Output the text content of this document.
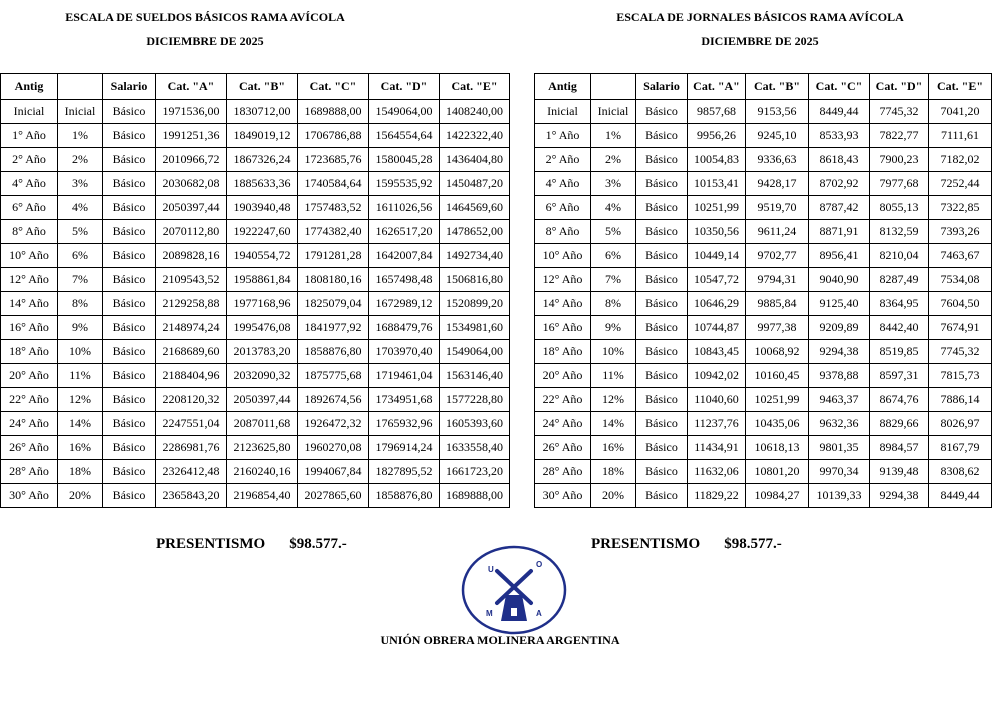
ESCALA DE SUELDOS BÁSICOS RAMA AVÍCOLA
DICIEMBRE DE 2025
ESCALA DE JORNALES BÁSICOS RAMA AVÍCOLA
DICIEMBRE DE 2025
Antig		Salario	Cat. "A"	Cat. "B"	Cat. "C"	Cat. "D"	Cat. "E"
Inicial	Inicial	Básico	1971536,00	1830712,00	1689888,00	1549064,00	1408240,00
1° Año	1%	Básico	1991251,36	1849019,12	1706786,88	1564554,64	1422322,40
2° Año	2%	Básico	2010966,72	1867326,24	1723685,76	1580045,28	1436404,80
4° Año	3%	Básico	2030682,08	1885633,36	1740584,64	1595535,92	1450487,20
6° Año	4%	Básico	2050397,44	1903940,48	1757483,52	1611026,56	1464569,60
8° Año	5%	Básico	2070112,80	1922247,60	1774382,40	1626517,20	1478652,00
10° Año	6%	Básico	2089828,16	1940554,72	1791281,28	1642007,84	1492734,40
12° Año	7%	Básico	2109543,52	1958861,84	1808180,16	1657498,48	1506816,80
14° Año	8%	Básico	2129258,88	1977168,96	1825079,04	1672989,12	1520899,20
16° Año	9%	Básico	2148974,24	1995476,08	1841977,92	1688479,76	1534981,60
18° Año	10%	Básico	2168689,60	2013783,20	1858876,80	1703970,40	1549064,00
20° Año	11%	Básico	2188404,96	2032090,32	1875775,68	1719461,04	1563146,40
22° Año	12%	Básico	2208120,32	2050397,44	1892674,56	1734951,68	1577228,80
24° Año	14%	Básico	2247551,04	2087011,68	1926472,32	1765932,96	1605393,60
26° Año	16%	Básico	2286981,76	2123625,80	1960270,08	1796914,24	1633558,40
28° Año	18%	Básico	2326412,48	2160240,16	1994067,84	1827895,52	1661723,20
30° Año	20%	Básico	2365843,20	2196854,40	2027865,60	1858876,80	1689888,00
Antig		Salario	Cat. "A"	Cat. "B"	Cat. "C"	Cat. "D"	Cat. "E"
Inicial	Inicial	Básico	9857,68	9153,56	8449,44	7745,32	7041,20
1° Año	1%	Básico	9956,26	9245,10	8533,93	7822,77	7111,61
2° Año	2%	Básico	10054,83	9336,63	8618,43	7900,23	7182,02
4° Año	3%	Básico	10153,41	9428,17	8702,92	7977,68	7252,44
6° Año	4%	Básico	10251,99	9519,70	8787,42	8055,13	7322,85
8° Año	5%	Básico	10350,56	9611,24	8871,91	8132,59	7393,26
10° Año	6%	Básico	10449,14	9702,77	8956,41	8210,04	7463,67
12° Año	7%	Básico	10547,72	9794,31	9040,90	8287,49	7534,08
14° Año	8%	Básico	10646,29	9885,84	9125,40	8364,95	7604,50
16° Año	9%	Básico	10744,87	9977,38	9209,89	8442,40	7674,91
18° Año	10%	Básico	10843,45	10068,92	9294,38	8519,85	7745,32
20° Año	11%	Básico	10942,02	10160,45	9378,88	8597,31	7815,73
22° Año	12%	Básico	11040,60	10251,99	9463,37	8674,76	7886,14
24° Año	14%	Básico	11237,76	10435,06	9632,36	8829,66	8026,97
26° Año	16%	Básico	11434,91	10618,13	9801,35	8984,57	8167,79
28° Año	18%	Básico	11632,06	10801,20	9970,34	9139,48	8308,62
30° Año	20%	Básico	11829,22	10984,27	10139,33	9294,38	8449,44
PRESENTISMO $98.577.-	PRESENTISMO $98.577.-
U
O
M	A
UNIÓN OBRERA MOLINERA ARGENTINA
